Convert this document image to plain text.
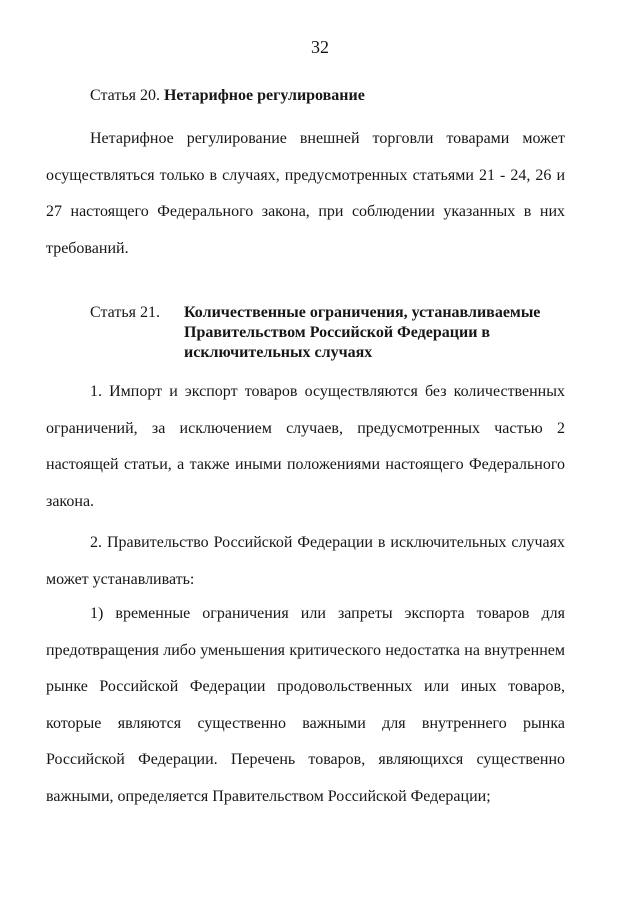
32
Статья 20. Нетарифное регулирование

Нетарифное регулирование внешней торговли товарами может осуществляться только в случаях, предусмотренных статьями 21 - 24, 26 и 27 настоящего Федерального закона, при соблюдении указанных в них требований.

Статья 21. Количественные ограничения, устанавливаемые Правительством Российской Федерации в исключительных случаях

1. Импорт и экспорт товаров осуществляются без количественных ограничений, за исключением случаев, предусмотренных частью 2 настоящей статьи, а также иными положениями настоящего Федерального закона.

2. Правительство Российской Федерации в исключительных случаях может устанавливать:

1) временные ограничения или запреты экспорта товаров для предотвращения либо уменьшения критического недостатка на внутреннем рынке Российской Федерации продовольственных или иных товаров, которые являются существенно важными для внутреннего рынка Российской Федерации. Перечень товаров, являющихся существенно важными, определяется Правительством Российской Федерации;
